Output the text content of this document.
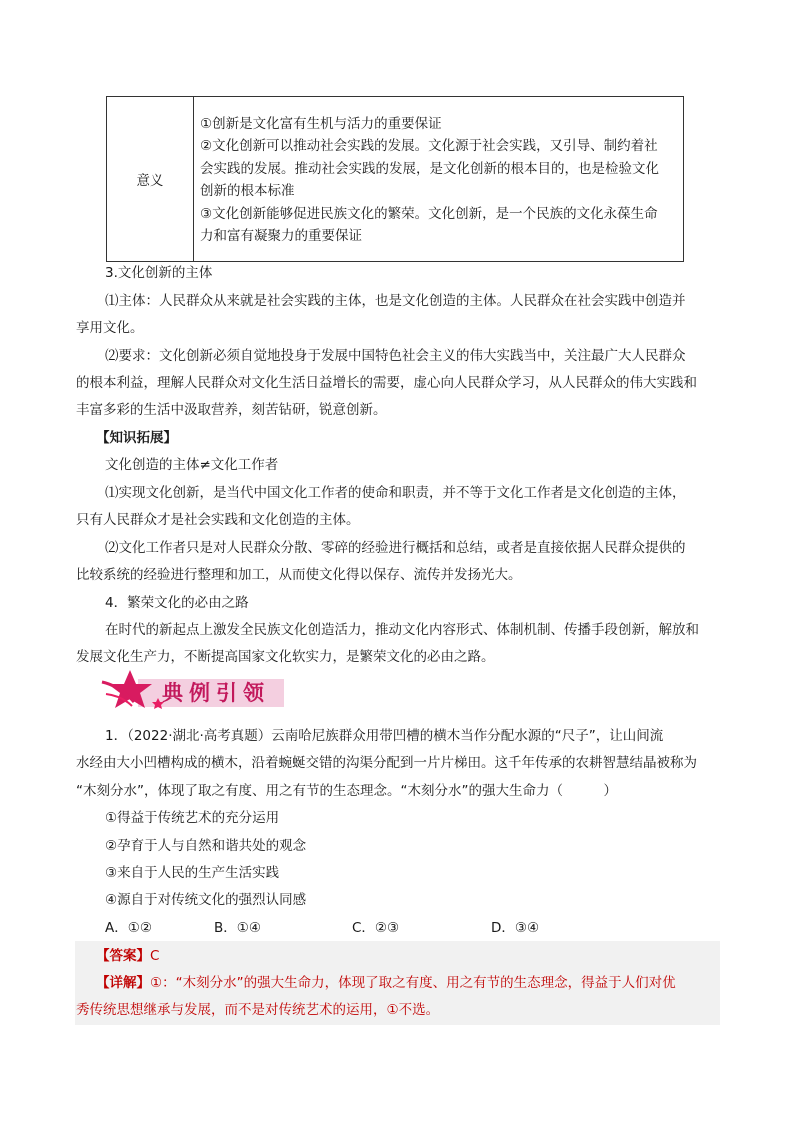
意义	
①创新是文化富有生机与活力的重要保证
②文化创新可以推动社会实践的发展。文化源于社会实践，又引导、制约着社
会实践的发展。推动社会实践的发展，是文化创新的根本目的，也是检验文化
创新的根本标准
③文化创新能够促进民族文化的繁荣。文化创新，是一个民族的文化永葆生命
力和富有凝聚力的重要保证
3.文化创新的主体
⑴主体：人民群众从来就是社会实践的主体，也是文化创造的主体。人民群众在社会实践中创造并
享用文化。
⑵要求：文化创新必须自觉地投身于发展中国特色社会主义的伟大实践当中，关注最广大人民群众
的根本利益，理解人民群众对文化生活日益增长的需要，虚心向人民群众学习，从人民群众的伟大实践和
丰富多彩的生活中汲取营养，刻苦钻研，锐意创新。
【知识拓展】
文化创造的主体≠文化工作者
⑴实现文化创新，是当代中国文化工作者的使命和职责，并不等于文化工作者是文化创造的主体，
只有人民群众才是社会实践和文化创造的主体。
⑵文化工作者只是对人民群众分散、零碎的经验进行概括和总结，或者是直接依据人民群众提供的
比较系统的经验进行整理和加工，从而使文化得以保存、流传并发扬光大。
4．繁荣文化的必由之路
在时代的新起点上激发全民族文化创造活力，推动文化内容形式、体制机制、传播手段创新，解放和
发展文化生产力，不断提高国家文化软实力，是繁荣文化的必由之路。
典例引领
1．（2022·湖北·高考真题）云南哈尼族群众用带凹槽的横木当作分配水源的“尺子”，让山间流
水经由大小凹槽构成的横木，沿着蜿蜒交错的沟渠分配到一片片梯田。这千年传承的农耕智慧结晶被称为
“木刻分水”，体现了取之有度、用之有节的生态理念。“木刻分水”的强大生命力（　　　）
①得益于传统艺术的充分运用
②孕育于人与自然和谐共处的观念
③来自于人民的生产生活实践
④源自于对传统文化的强烈认同感
A．①②	B．①④	C．②③	D．③④
【答案】C
【详解】①：“木刻分水”的强大生命力，体现了取之有度、用之有节的生态理念，得益于人们对优
秀传统思想继承与发展，而不是对传统艺术的运用，①不选。
